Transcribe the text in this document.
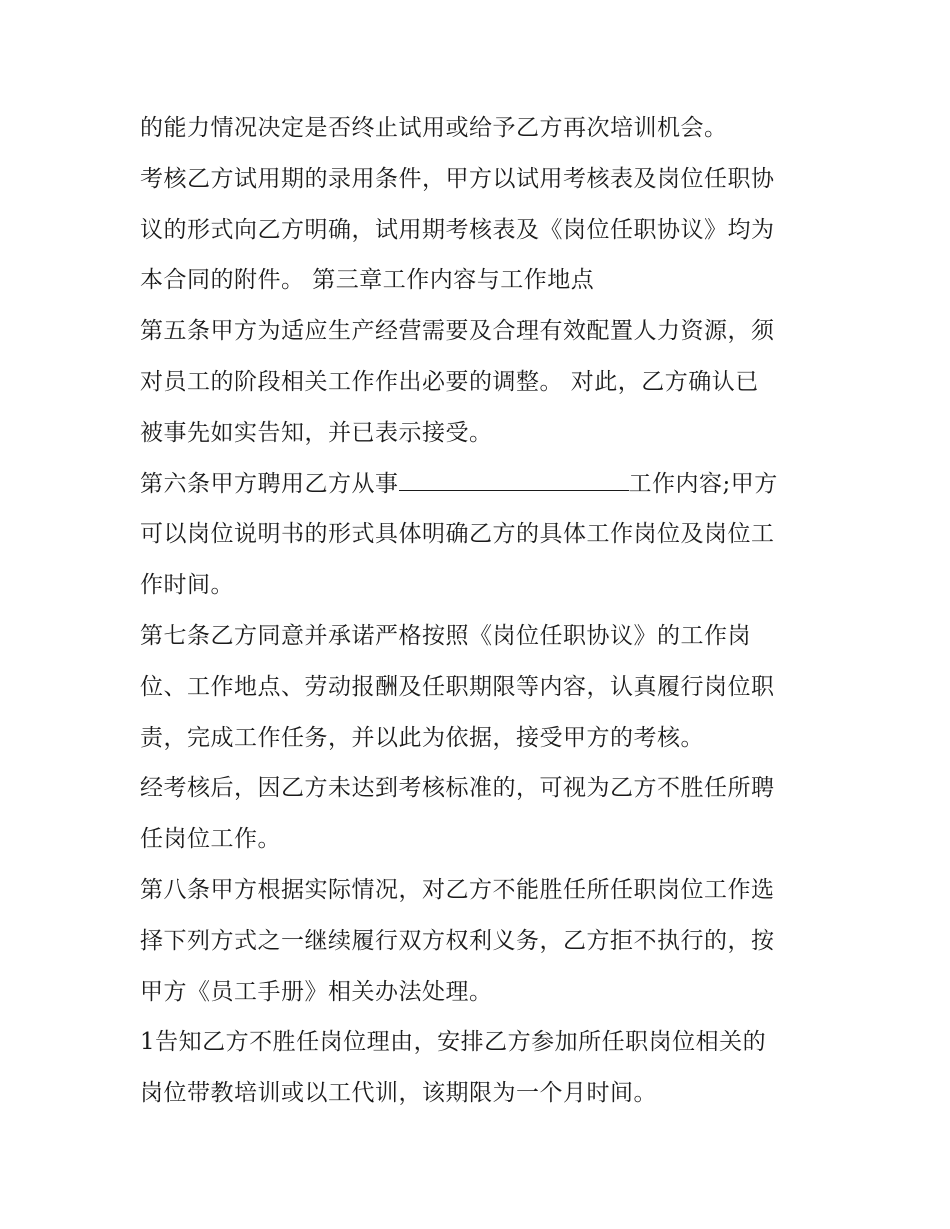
的能力情况决定是否终止试用或给予乙方再次培训机会。
考核乙方试用期的录用条件，甲方以试用考核表及岗位任职协
议的形式向乙方明确，试用期考核表及《岗位任职协议》均为
本合同的附件。 第三章工作内容与工作地点
第五条甲方为适应生产经营需要及合理有效配置人力资源，须
对员工的阶段相关工作作出必要的调整。 对此，乙方确认已
被事先如实告知，并已表示接受。
第六条甲方聘用乙方从事	工作内容;甲方
可以岗位说明书的形式具体明确乙方的具体工作岗位及岗位工
作时间。
第七条乙方同意并承诺严格按照《岗位任职协议》的工作岗
位、工作地点、劳动报酬及任职期限等内容，认真履行岗位职
责，完成工作任务，并以此为依据，接受甲方的考核。
经考核后，因乙方未达到考核标准的，可视为乙方不胜任所聘
任岗位工作。
第八条甲方根据实际情况，对乙方不能胜任所任职岗位工作选
择下列方式之一继续履行双方权利义务，乙方拒不执行的，按
甲方《员工手册》相关办法处理。
1告知乙方不胜任岗位理由，安排乙方参加所任职岗位相关的
岗位带教培训或以工代训，该期限为一个月时间。
